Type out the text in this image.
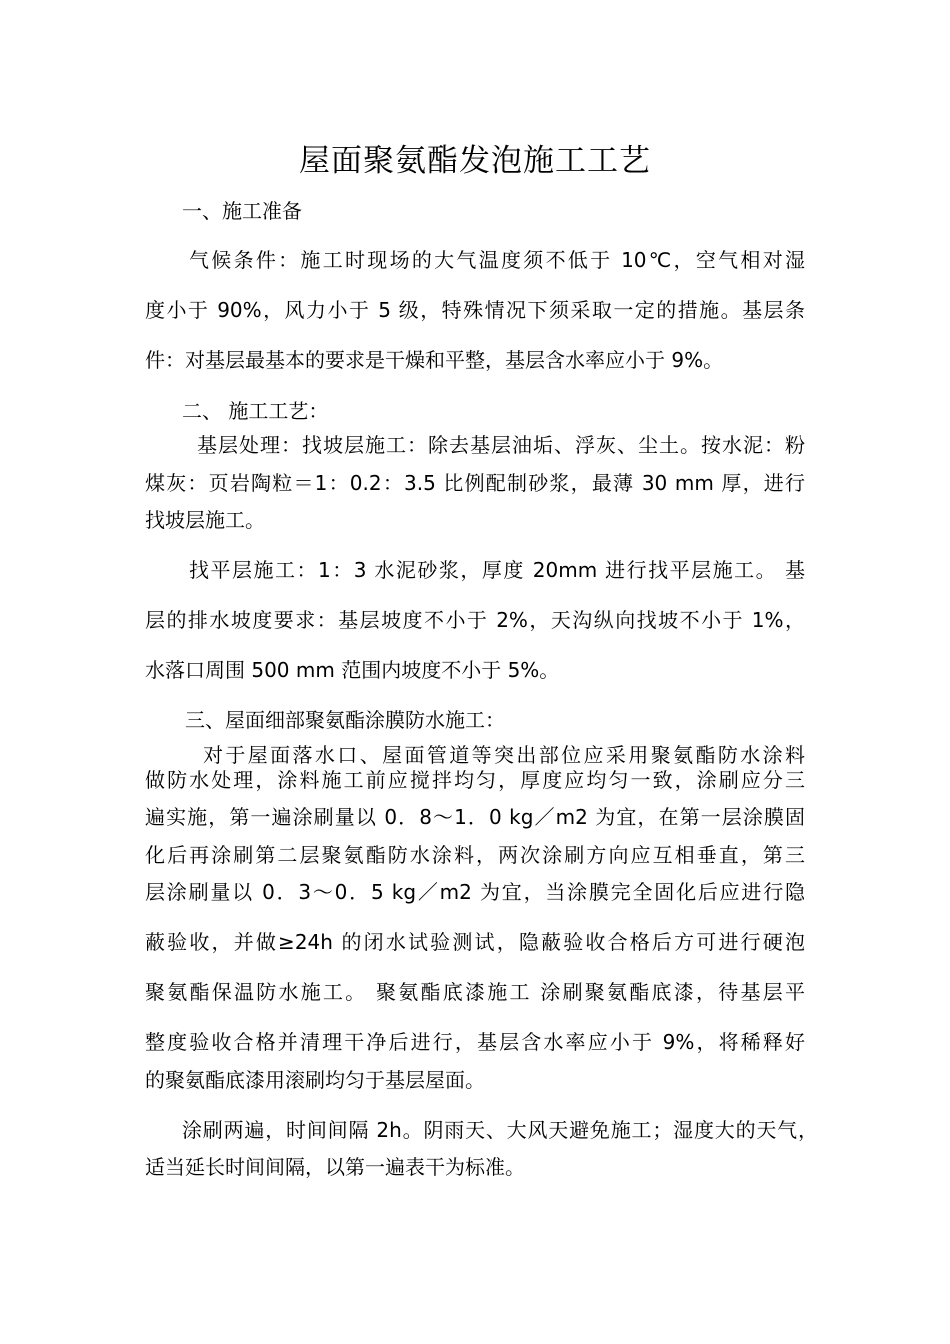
屋面聚氨酯发泡施工工艺
一、施工准备
气候条件：施工时现场的大气温度须不低于 10℃，空气相对湿
度小于 90%，风力小于 5 级，特殊情况下须采取一定的措施。基层条
件：对基层最基本的要求是干燥和平整，基层含水率应小于 9%。
二、 施工工艺：
基层处理：找坡层施工：除去基层油垢、浮灰、尘土。按水泥：粉
煤灰：页岩陶粒＝1：0.2：3.5 比例配制砂浆，最薄 30 mm 厚，进行
找坡层施工。
找平层施工：1：3 水泥砂浆，厚度 20mm 进行找平层施工。 基
层的排水坡度要求：基层坡度不小于 2%，天沟纵向找坡不小于 1%，
水落口周围 500 mm 范围内坡度不小于 5%。
三、屋面细部聚氨酯涂膜防水施工：
对于屋面落水口、屋面管道等突出部位应采用聚氨酯防水涂料
做防水处理，涂料施工前应搅拌均匀，厚度应均匀一致，涂刷应分三
遍实施，第一遍涂刷量以 0．8～1．0 kg／m2 为宜，在第一层涂膜固
化后再涂刷第二层聚氨酯防水涂料，两次涂刷方向应互相垂直，第三
层涂刷量以 0．3～0．5 kg／m2 为宜，当涂膜完全固化后应进行隐
蔽验收，并做≥24h 的闭水试验测试，隐蔽验收合格后方可进行硬泡
聚氨酯保温防水施工。 聚氨酯底漆施工 涂刷聚氨酯底漆，待基层平
整度验收合格并清理干净后进行，基层含水率应小于 9%，将稀释好
的聚氨酯底漆用滚刷均匀于基层屋面。
涂刷两遍，时间间隔 2h。阴雨天、大风天避免施工；湿度大的天气，
适当延长时间间隔，以第一遍表干为标准。
